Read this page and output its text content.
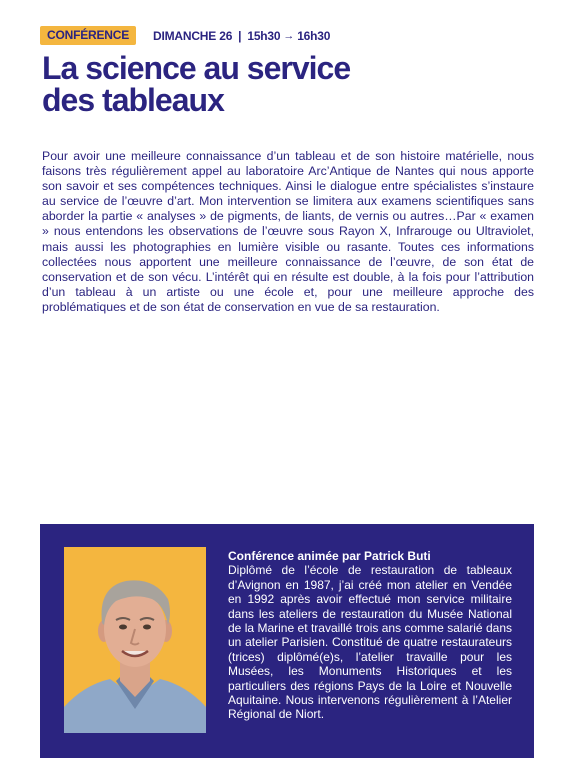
CONFÉRENCE	DIMANCHE 26 | 15h30 → 16h30
La science au service
des tableaux

Pour avoir une meilleure connaissance d’un tableau et de son histoire matérielle, nous faisons très régulièrement appel au laboratoire Arc’Antique de Nantes qui nous apporte son savoir et ses compétences techniques. Ainsi le dialogue entre spécialistes s’instaure au service de l’œuvre d’art. Mon intervention se limitera aux examens scientifiques sans aborder la partie « analyses » de pigments, de liants, de vernis ou autres…Par « examen » nous entendons les observations de l’œuvre sous Rayon X, Infrarouge ou Ultraviolet, mais aussi les photographies en lumière visible ou rasante. Toutes ces informations collectées nous apportent une meilleure connaissance de l’œuvre, de son état de conservation et de son vécu. L’intérêt qui en résulte est double, à la fois pour l’attribution d’un tableau à un artiste ou une école et, pour une meilleure approche des problématiques et de son état de conservation en vue de sa restauration.

Conférence animée par Patrick Buti

Diplômé de l’école de restauration de tableaux d’Avignon en 1987, j’ai créé mon atelier en Vendée en 1992 après avoir effectué mon service militaire dans les ateliers de restauration du Musée National de la Marine et travaillé trois ans comme salarié dans un atelier Parisien. Constitué de quatre restaurateurs (trices) diplômé(e)s, l’atelier travaille pour les Musées, les Monuments Historiques et les particuliers des régions Pays de la Loire et Nouvelle Aquitaine. Nous intervenons régulièrement à l’Atelier Régional de Niort.
